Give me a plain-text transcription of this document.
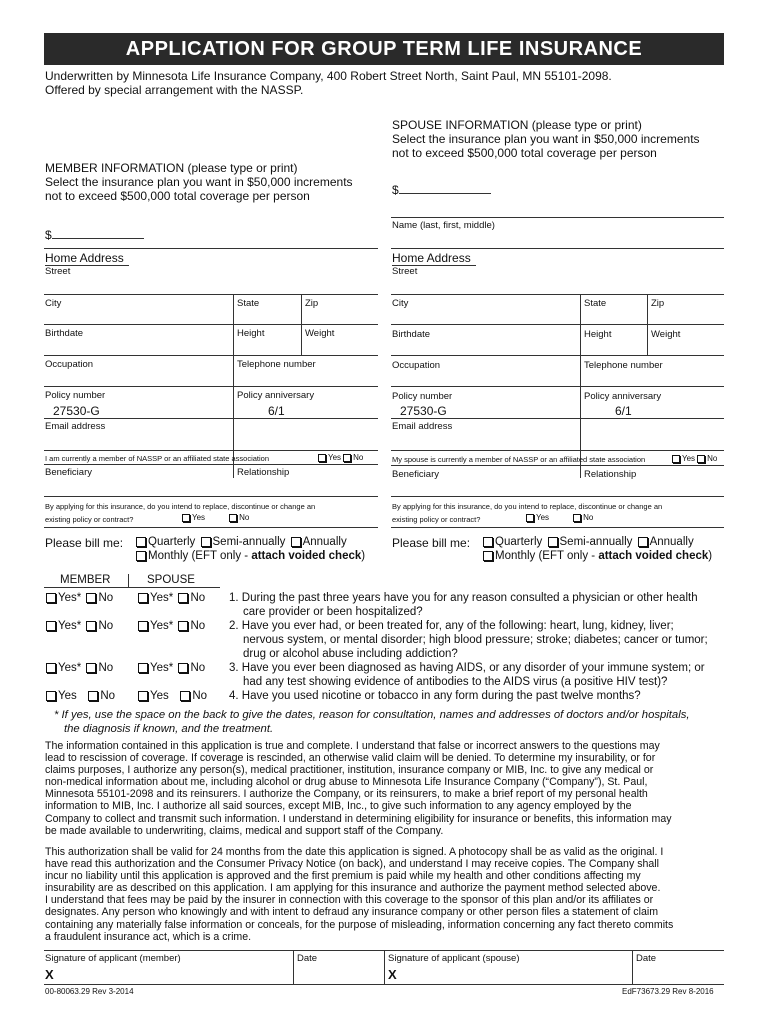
APPLICATION FOR GROUP TERM LIFE INSURANCE
Underwritten by Minnesota Life Insurance Company, 400 Robert Street North, Saint Paul, MN 55101-2098.
Offered by special arrangement with the NASSP.
MEMBER INFORMATION (please type or print)
Select the insurance plan you want in $50,000 increments
not to exceed $500,000 total coverage per person
$
Home Address
Street
City	State	Zip
Birthdate	Height	Weight
Occupation	Telephone number
Policy number
27530-G
Policy anniversary
6/1
Email address
I am currently a member of NASSP or an affiliated state association	Yes No
Beneficiary	Relationship
By applying for this insurance, do you intend to replace, discontinue or change an
existing policy or contract?	Yes	No
Please bill me:	Quarterly Semi-annually Annually
Monthly (EFT only - attach voided check)
SPOUSE INFORMATION (please type or print)
Select the insurance plan you want in $50,000 increments
not to exceed $500,000 total coverage per person
$
Name (last, first, middle)
Home Address
Street
City	State	Zip
Birthdate	Height	Weight
Occupation	Telephone number
Policy number
27530-G
Policy anniversary
6/1
Email address
My spouse is currently a member of NASSP or an affiliated state association	Yes No
Beneficiary	Relationship
By applying for this insurance, do you intend to replace, discontinue or change an
existing policy or contract?	Yes	No
Please bill me:	Quarterly Semi-annually Annually
Monthly (EFT only - attach voided check)
MEMBER	SPOUSE
Yes* No	Yes* No 1. During the past three years have you for any reason consulted a physician or other health
care provider or been hospitalized?
Yes* No	Yes* No 2. Have you ever had, or been treated for, any of the following: heart, lung, kidney, liver;
nervous system, or mental disorder; high blood pressure; stroke; diabetes; cancer or tumor;
drug or alcohol abuse including addiction?
Yes* No	Yes* No 3. Have you ever been diagnosed as having AIDS, or any disorder of your immune system; or
had any test showing evidence of antibodies to the AIDS virus (a positive HIV test)?
Yes No	Yes No 4. Have you used nicotine or tobacco in any form during the past twelve months?
* If yes, use the space on the back to give the dates, reason for consultation, names and addresses of doctors and/or hospitals,
the diagnosis if known, and the treatment.
The information contained in this application is true and complete. I understand that false or incorrect answers to the questions may
lead to rescission of coverage. If coverage is rescinded, an otherwise valid claim will be denied. To determine my insurability, or for
claims purposes, I authorize any person(s), medical practitioner, institution, insurance company or MIB, Inc. to give any medical or
non-medical information about me, including alcohol or drug abuse to Minnesota Life Insurance Company (“Company”), St. Paul,
Minnesota 55101-2098 and its reinsurers. I authorize the Company, or its reinsurers, to make a brief report of my personal health
information to MIB, Inc. I authorize all said sources, except MIB, Inc., to give such information to any agency employed by the
Company to collect and transmit such information. I understand in determining eligibility for insurance or benefits, this information may
be made available to underwriting, claims, medical and support staff of the Company.
This authorization shall be valid for 24 months from the date this application is signed. A photocopy shall be as valid as the original. I
have read this authorization and the Consumer Privacy Notice (on back), and understand I may receive copies. The Company shall
incur no liability until this application is approved and the first premium is paid while my health and other conditions affecting my
insurability are as described on this application. I am applying for this insurance and authorize the payment method selected above.
I understand that fees may be paid by the insurer in connection with this coverage to the sponsor of this plan and/or its affiliates or
designates. Any person who knowingly and with intent to defraud any insurance company or other person files a statement of claim
containing any materially false information or conceals, for the purpose of misleading, information concerning any fact thereto commits
a fraudulent insurance act, which is a crime.
Signature of applicant (member)
X
Date	Signature of applicant (spouse)
X
Date
00-80063.29 Rev 3-2014	EdF73673.29 Rev 8-2016
